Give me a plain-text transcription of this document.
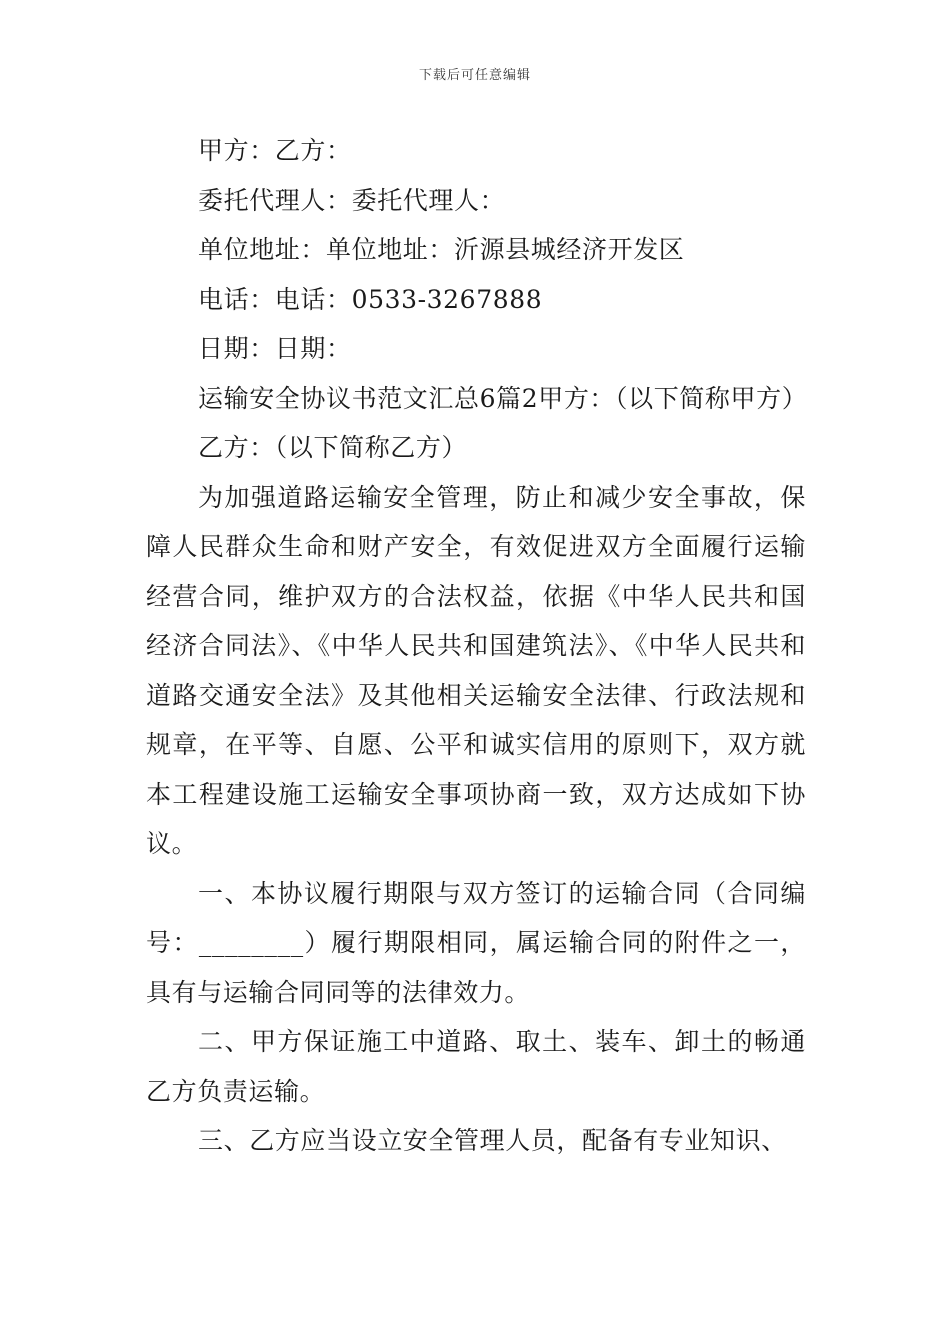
下载后可任意编辑

甲方：乙方：

委托代理人：委托代理人：

单位地址：单位地址：沂源县城经济开发区

电话：电话：0533-3267888

日期：日期：

运输安全协议书范文汇总6篇2甲方：（以下简称甲方）

乙方：（以下简称乙方）

为加强道路运输安全管理，防止和减少安全事故，保障人民群众生命和财产安全，有效促进双方全面履行运输经营合同，维护双方的合法权益，依据《中华人民共和国经济合同法》、《中华人民共和国建筑法》、《中华人民共和道路交通安全法》及其他相关运输安全法律、行政法规和规章，在平等、自愿、公平和诚实信用的原则下，双方就本工程建设施工运输安全事项协商一致，双方达成如下协议。

一、本协议履行期限与双方签订的运输合同（合同编号：________）履行期限相同，属运输合同的附件之一，具有与运输合同同等的法律效力。

二、甲方保证施工中道路、取土、装车、卸土的畅通乙方负责运输。

三、乙方应当设立安全管理人员，配备有专业知识、
